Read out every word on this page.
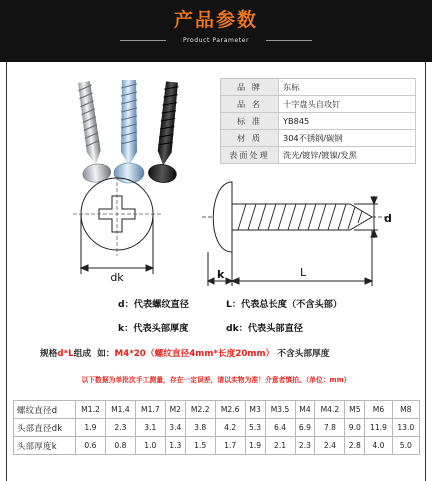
产品参数
Product Parameter
品 牌	东标
品 名	十字盘头自攻钉
标 准	YB845
材 质	304不锈钢/碳钢
表面处理	洗光/镀锌/镀镍/发黑
dk
d
k	L
d：代表螺纹直径	L：代表总长度（不含头部）
k：代表头部厚度	dk：代表头部直径
规格d*L组成  如：M4*20（螺纹直径4mm*长度20mm） 不含头部厚度
以下数据为单批次手工测量，存在一定误差，请以实物为准！介意者慎拍。（单位：mm）
螺纹直径d	M1.2	M1.4	M1.7	M2	M2.2	M2.6	M3	M3.5	M4	M4.2	M5	M6	M8
头部直径dk	1.9	2.3	3.1	3.4	3.8	4.2	5.3	6.4	6.9	7.8	9.0	11.9	13.0
头部厚度k	0.6	0.8	1.0	1.3	1.5	1.7	1.9	2.1	2.3	2.4	2.8	4.0	5.0
